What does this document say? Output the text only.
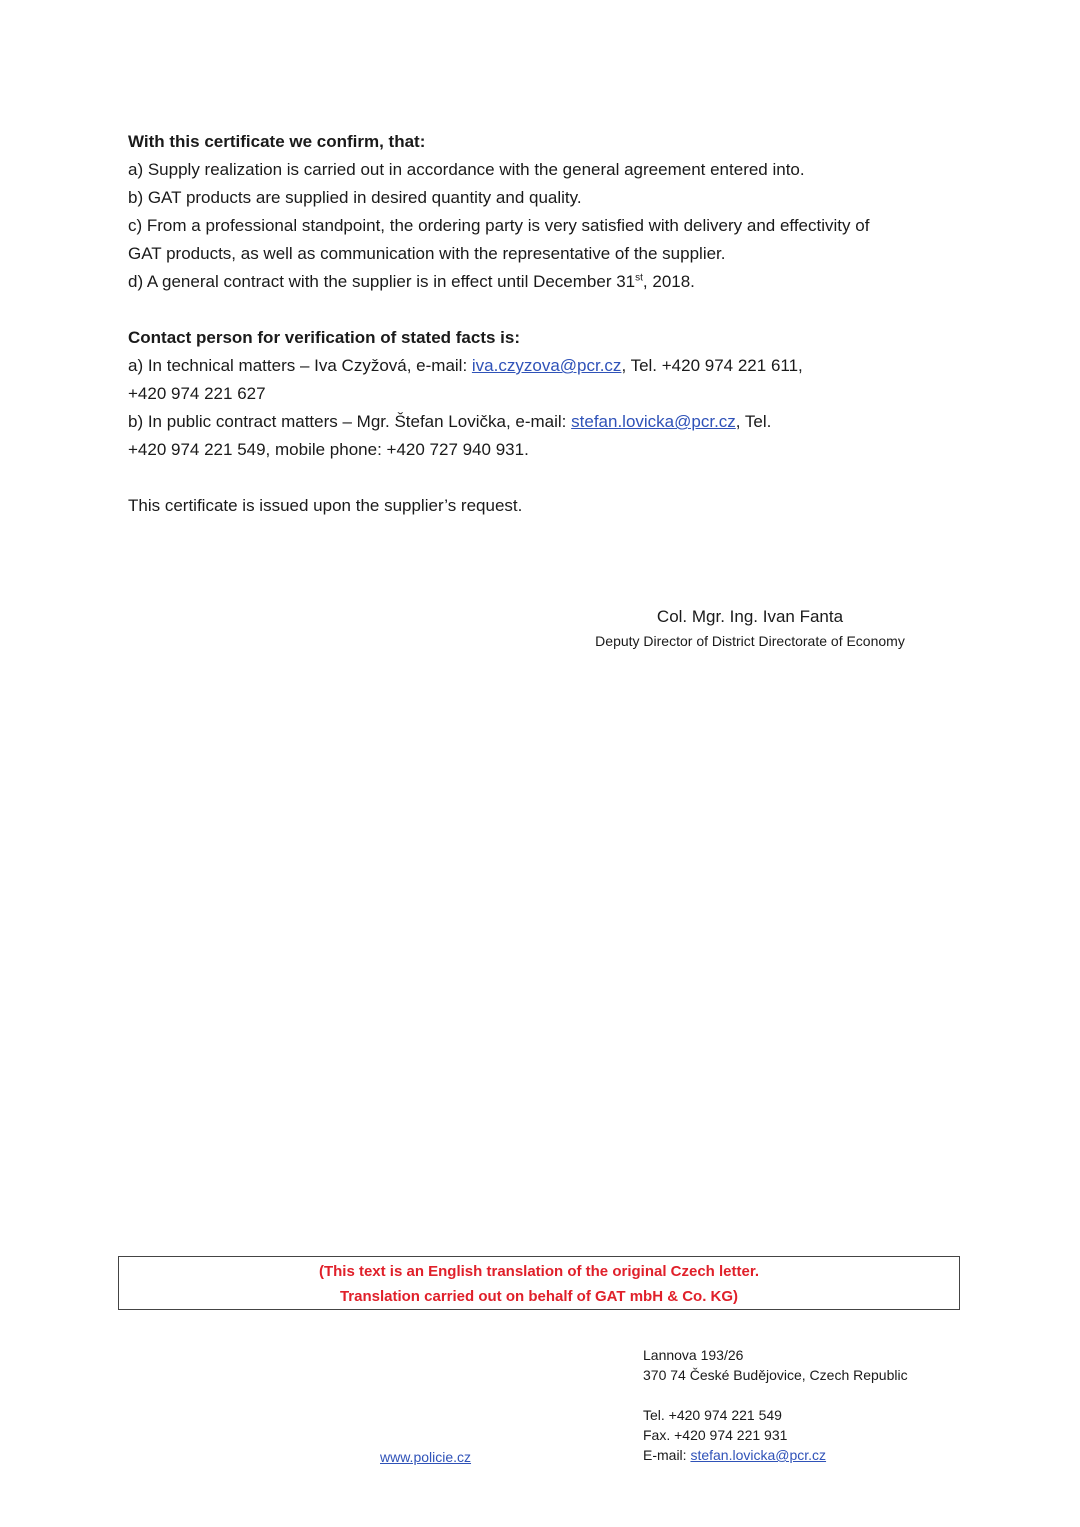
With this certificate we confirm, that:

a) Supply realization is carried out in accordance with the general agreement entered into.

b) GAT products are supplied in desired quantity and quality.

c) From a professional standpoint, the ordering party is very satisfied with delivery and effectivity of

GAT products, as well as communication with the representative of the supplier.

d) A general contract with the supplier is in effect until December 31st, 2018.

Contact person for verification of stated facts is:

a) In technical matters – Iva Czyžová, e-mail: iva.czyzova@pcr.cz, Tel. +420 974 221 611,

+420 974 221 627

b) In public contract matters – Mgr. Štefan Lovička, e-mail: stefan.lovicka@pcr.cz, Tel.

+420 974 221 549, mobile phone: +420 727 940 931.

This certificate is issued upon the supplier’s request.

Col. Mgr. Ing. Ivan Fanta
Deputy Director of District Directorate of Economy
(This text is an English translation of the original Czech letter.
Translation carried out on behalf of GAT mbH & Co. KG)
Lannova 193/26
370 74 České Budějovice, Czech Republic
Tel. +420 974 221 549
Fax. +420 974 221 931
E-mail: stefan.lovicka@pcr.cz
www.policie.cz
